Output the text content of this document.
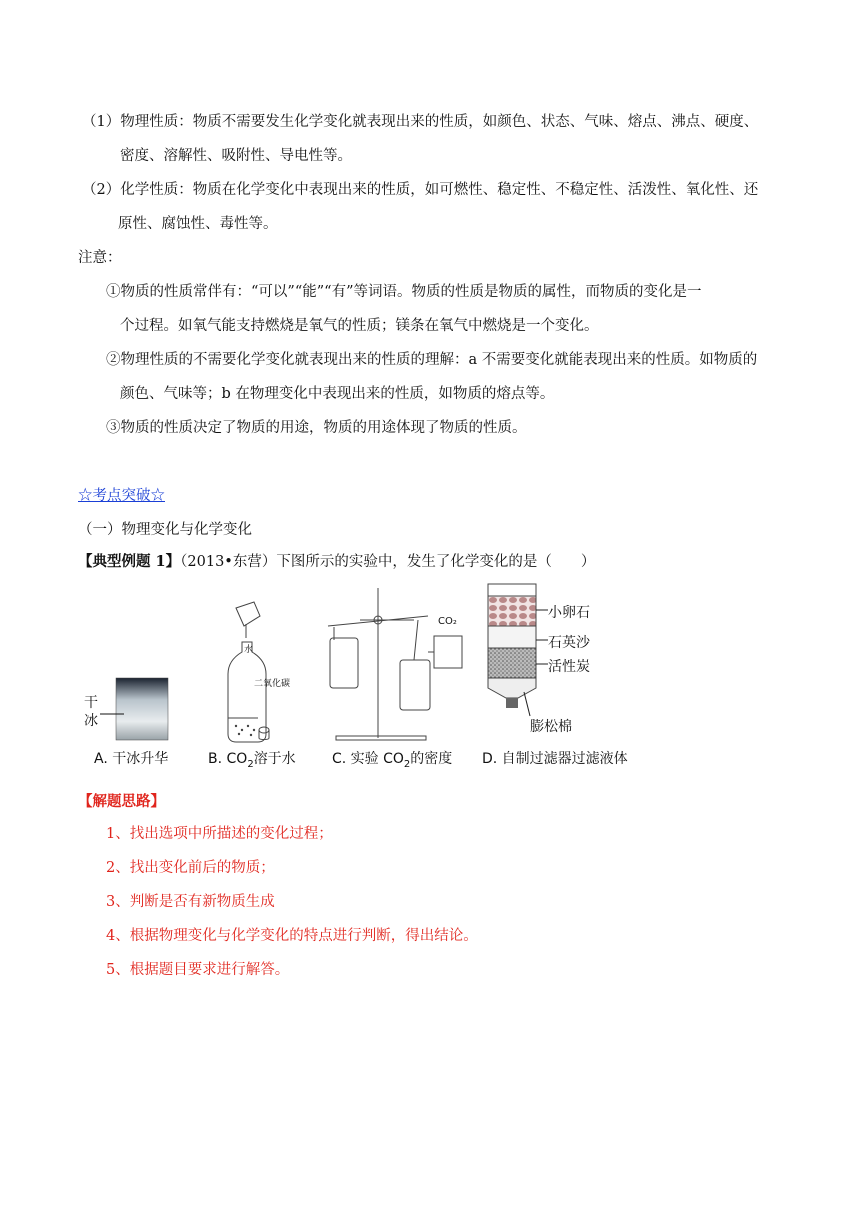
（1）物理性质：物质不需要发生化学变化就表现出来的性质，如颜色、状态、气味、熔点、沸点、硬度、
密度、溶解性、吸附性、导电性等。
（2）化学性质：物质在化学变化中表现出来的性质，如可燃性、稳定性、不稳定性、活泼性、氧化性、还
原性、腐蚀性、毒性等。
注意：
①物质的性质常伴有：“可以”“能”“有”等词语。物质的性质是物质的属性，而物质的变化是一
个过程。如氧气能支持燃烧是氧气的性质；镁条在氧气中燃烧是一个变化。
②物理性质的不需要化学变化就表现出来的性质的理解：a 不需要变化就能表现出来的性质。如物质的
颜色、气味等；b 在物理变化中表现出来的性质，如物质的熔点等。
③物质的性质决定了物质的用途，物质的用途体现了物质的性质。
☆考点突破☆
（一）物理变化与化学变化
【典型例题 1】（2013•东营）下图所示的实验中，发生了化学变化的是（　　）
干
冰
水
二氧化碳
CO₂
小卵石
石英沙
活性炭
膨松棉
A. 干冰升华	B. $CO_2$溶于水	C. 实验 $CO_2$的密度 D. 自制过滤器过滤液体
【解题思路】
1、找出选项中所描述的变化过程；
2、找出变化前后的物质；
3、判断是否有新物质生成
4、根据物理变化与化学变化的特点进行判断，得出结论。
5、根据题目要求进行解答。
